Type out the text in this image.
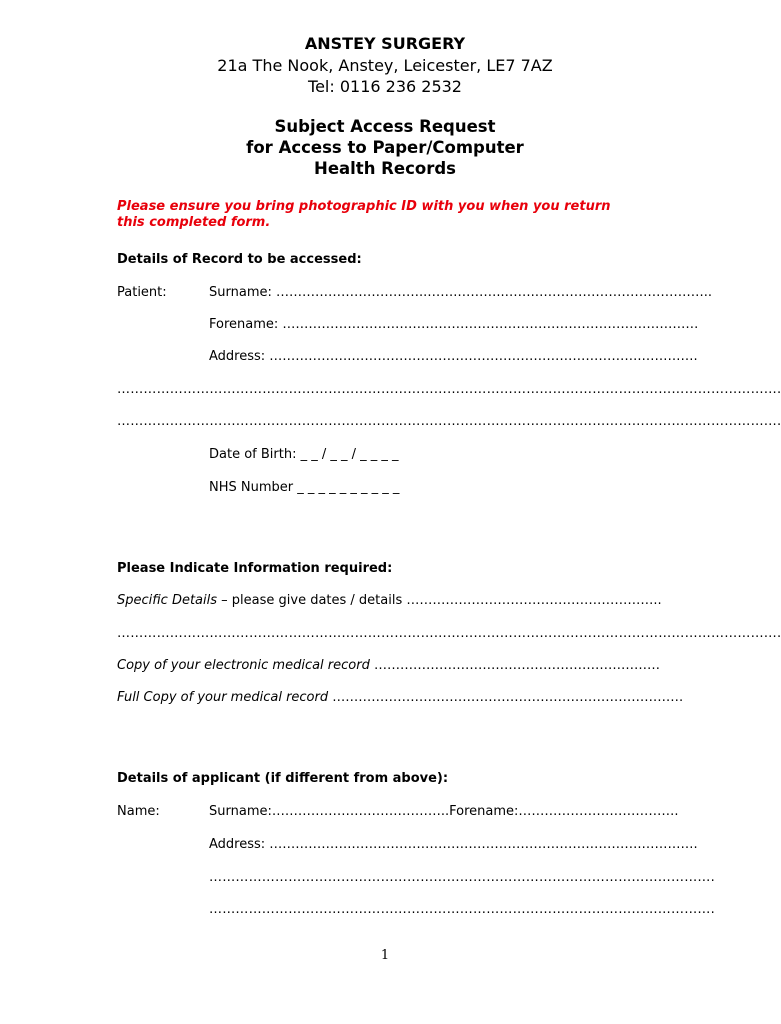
ANSTEY SURGERY
21a The Nook, Anstey, Leicester, LE7 7AZ
Tel: 0116 236 2532
Subject Access Request
for Access to Paper/Computer
Health Records
Please ensure you bring photographic ID with you when you return
this completed form.
Details of Record to be accessed:
Patient:	Surname: ……………………………..…….………..…….…………………………………..
Forename: ……………………………………………………………………………………
Address: ……………….………………………………………………………….………….
…………………………………………………………………………………………………………………………………….
…………………………………………………………………………………………………………………………………….
Date of Birth: _ _ / _ _ / _ _ _ _
NHS Number _ _ _ _ _ _ _ _ _ _
Please Indicate Information required:
Specific Details – please give dates / details …………………………………………………..
…………………………………………………………………………………………………………………………………….
Copy of your electronic medical record …………………………………………………………
Full Copy of your medical record ………………………………………………………………………
Details of applicant (if different from above):
Name:	Surname:…………………………………..Forename:……………………………….
Address: ……………….………………………………………………………….………….
…………………………………………………………………………………………………….
…………………………………………………………………………………………………….
1
